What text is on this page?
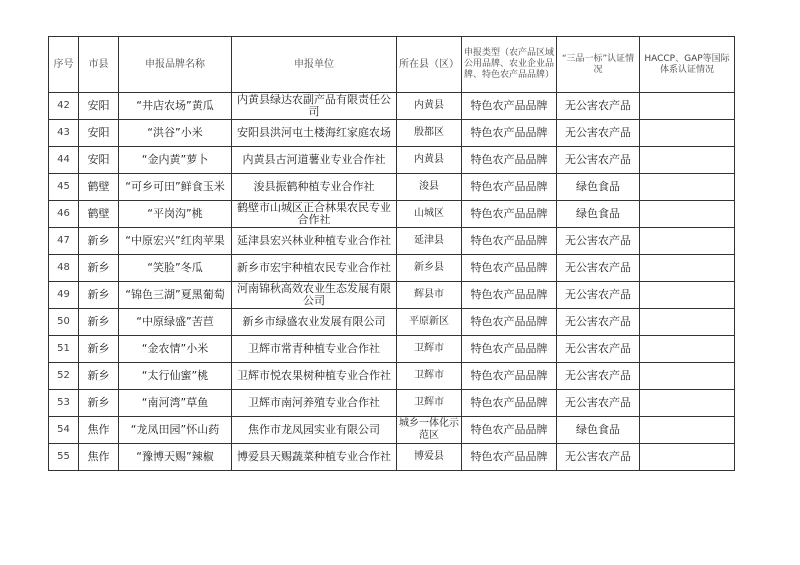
序号	市县	申报品牌名称	申报单位	所在县（区）	申报类型（农产品区域公用品牌、农业企业品牌、特色农产品品牌）	“三品一标”认证情况	HACCP、GAP等国际体系认证情况
42	安阳	“井店农场”黄瓜	内黄县绿达农副产品有限责任公司	内黄县	特色农产品品牌	无公害农产品	
43	安阳	“洪谷”小米	安阳县洪河屯土楼海红家庭农场	殷都区	特色农产品品牌	无公害农产品	
44	安阳	“金内黄”萝卜	内黄县古河道薯业专业合作社	内黄县	特色农产品品牌	无公害农产品	
45	鹤壁	“可乡可田”鲜食玉米	浚县振鹤种植专业合作社	浚县	特色农产品品牌	绿色食品	
46	鹤壁	“平岗沟”桃	鹤壁市山城区正合林果农民专业合作社	山城区	特色农产品品牌	绿色食品	
47	新乡	“中原宏兴”红肉苹果	延津县宏兴林业种植专业合作社	延津县	特色农产品品牌	无公害农产品	
48	新乡	“笑脸”冬瓜	新乡市宏宇种植农民专业合作社	新乡县	特色农产品品牌	无公害农产品	
49	新乡	“锦色三湖”夏黑葡萄	河南锦秋高效农业生态发展有限公司	辉县市	特色农产品品牌	无公害农产品	
50	新乡	“中原绿盛”苦苣	新乡市绿盛农业发展有限公司	平原新区	特色农产品品牌	无公害农产品	
51	新乡	“金农情”小米	卫辉市常青种植专业合作社	卫辉市	特色农产品品牌	无公害农产品	
52	新乡	“太行仙蜜”桃	卫辉市悦农果树种植专业合作社	卫辉市	特色农产品品牌	无公害农产品	
53	新乡	“南河湾”草鱼	卫辉市南河养殖专业合作社	卫辉市	特色农产品品牌	无公害农产品	
54	焦作	“龙凤田园”怀山药	焦作市龙凤园实业有限公司	城乡一体化示范区	特色农产品品牌	绿色食品	
55	焦作	“豫博天赐”辣椒	博爱县天赐蔬菜种植专业合作社	博爱县	特色农产品品牌	无公害农产品	
